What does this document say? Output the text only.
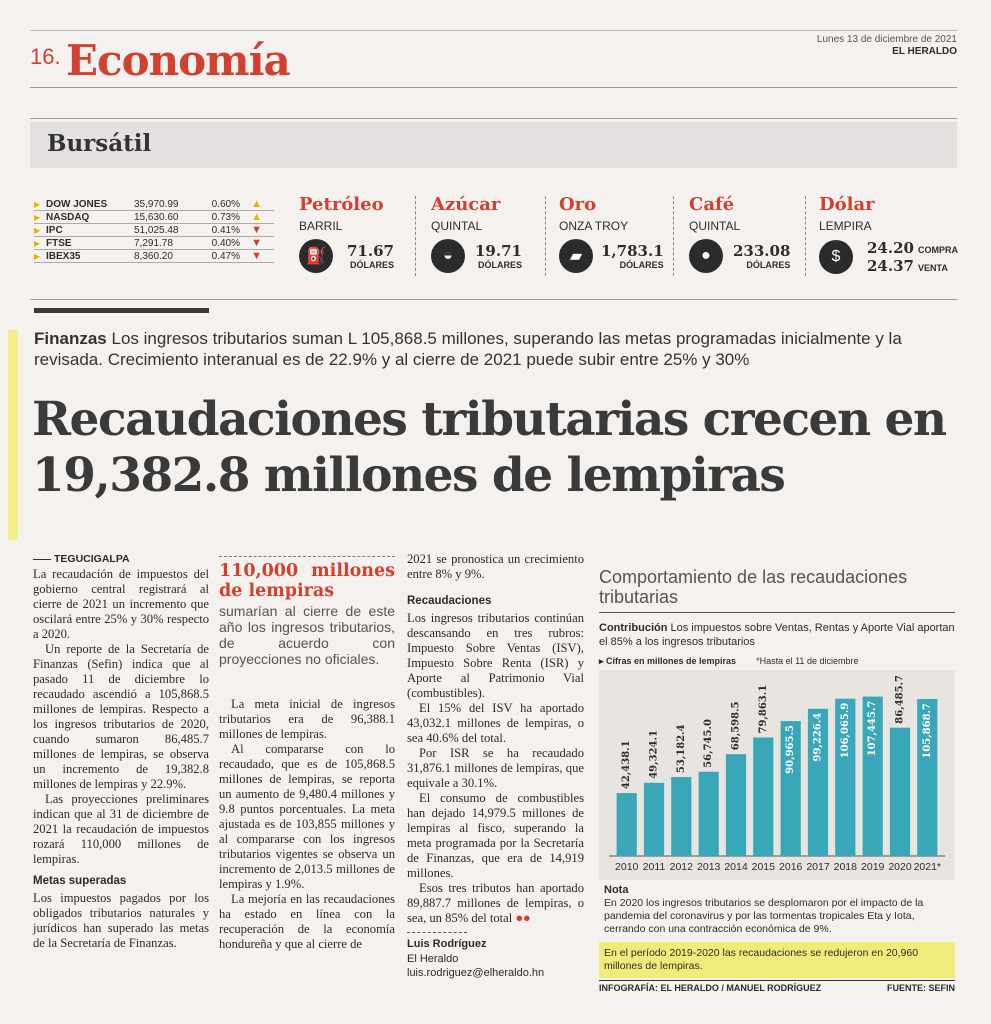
16. Economía	Lunes 13 de diciembre de 2021
EL HERALDO
Bursátil
▶ DOW JONES	35,970.99	0.60%	▲
▶ NASDAQ	15,630.60	0.73%	▲
▶ IPC	51,025.48	0.41%	▼
▶ FTSE	7,291.78	0.40%	▼
▶ IBEX35	8,360.20	0.47%	▼
Petróleo
BARRIL
⛽	71.67
DÓLARES
Azúcar
QUINTAL
◒	19.71
DÓLARES
Oro
ONZA TROY
▰	1,783.1
DÓLARES
Café
QUINTAL
●	233.08
DÓLARES
Dólar
LEMPIRA
$	24.20 COMPRA
24.37 VENTA
Finanzas Los ingresos tributarios suman L 105,868.5 millones, superando las metas programadas inicialmente y la revisada. Crecimiento interanual es de 22.9% y al cierre de 2021 puede subir entre 25% y 30%
Recaudaciones tributarias crecen en 19,382.8 millones de lempiras
TEGUCIGALPA

La recaudación de impuestos del gobierno central registrará al cierre de 2021 un incremento que oscilará entre 25% y 30% respecto a 2020.

Un reporte de la Secretaría de Finanzas (Sefin) indica que al pasado 11 de diciembre lo recaudado ascendió a 105,868.5 millones de lempiras. Respecto a los ingresos tributarios de 2020, cuando sumaron 86,485.7 millones de lempiras, se observa un incremento de 19,382.8 millones de lempiras y 22.9%.

Las proyecciones preliminares indican que al 31 de diciembre de 2021 la recaudación de impuestos rozará 110,000 millones de lempiras.

Metas superadas

Los impuestos pagados por los obligados tributarios naturales y jurídicos han superado las metas de la Secretaría de Finanzas.

110,000 millones de lempiras
sumarían al cierre de este año los ingresos tributarios, de acuerdo con proyecciones no oficiales.

La meta inicial de ingresos tributarios era de 96,388.1 millones de lempiras.

Al compararse con lo recaudado, que es de 105,868.5 millones de lempiras, se reporta un aumento de 9,480.4 millones y 9.8 puntos porcentuales. La meta ajustada es de 103,855 millones y al compararse con los ingresos tributarios vigentes se observa un incremento de 2,013.5 millones de lempiras y 1.9%.

La mejoría en las recaudaciones ha estado en línea con la recuperación de la economía hondureña y que al cierre de

2021 se pronostica un crecimiento entre 8% y 9%.

Recaudaciones

Los ingresos tributarios continúan descansando en tres rubros: Impuesto Sobre Ventas (ISV), Impuesto Sobre Renta (ISR) y Aporte al Patrimonio Vial (combustibles).

El 15% del ISV ha aportado 43,032.1 millones de lempiras, o sea 40.6% del total.

Por ISR se ha recaudado 31,876.1 millones de lempiras, que equivale a 30.1%.

El consumo de combustibles han dejado 14,979.5 millones de lempiras al fisco, superando la meta programada por la Secretaría de Finanzas, que era de 14,919 millones.

Esos tres tributos han aportado 89,887.7 millones de lempiras, o sea, un 85% del total ●●

Luis Rodríguez
El Heraldo
luis.rodriguez@elheraldo.hn
Comportamiento de las recaudaciones tributarias
Contribución Los impuestos sobre Ventas, Rentas y Aporte Vial aportan el 85% a los ingresos tributarios
▸ Cifras en millones de lempiras *Hasta el 11 de diciembre
42,438.1
2010
49,324.1
2011
53,182.4
2012
56,745.0
2013
68,598.5
2014
79,863.1
2015
90,965.5
2016
99,226.4
2017
106,065.9
2018
107,445.7
2019
86,485.7
2020
105,868.7
2021*
Nota
En 2020 los ingresos tributarios se desplomaron por el impacto de la pandemia del coronavirus y por las tormentas tropicales Eta y Iota, cerrando con una contracción económica de 9%.
En el período 2019-2020 las recaudaciones se redujeron en 20,960 millones de lempiras.
INFOGRAFÍA: EL HERALDO / MANUEL RODRÍGUEZ	FUENTE: SEFIN
